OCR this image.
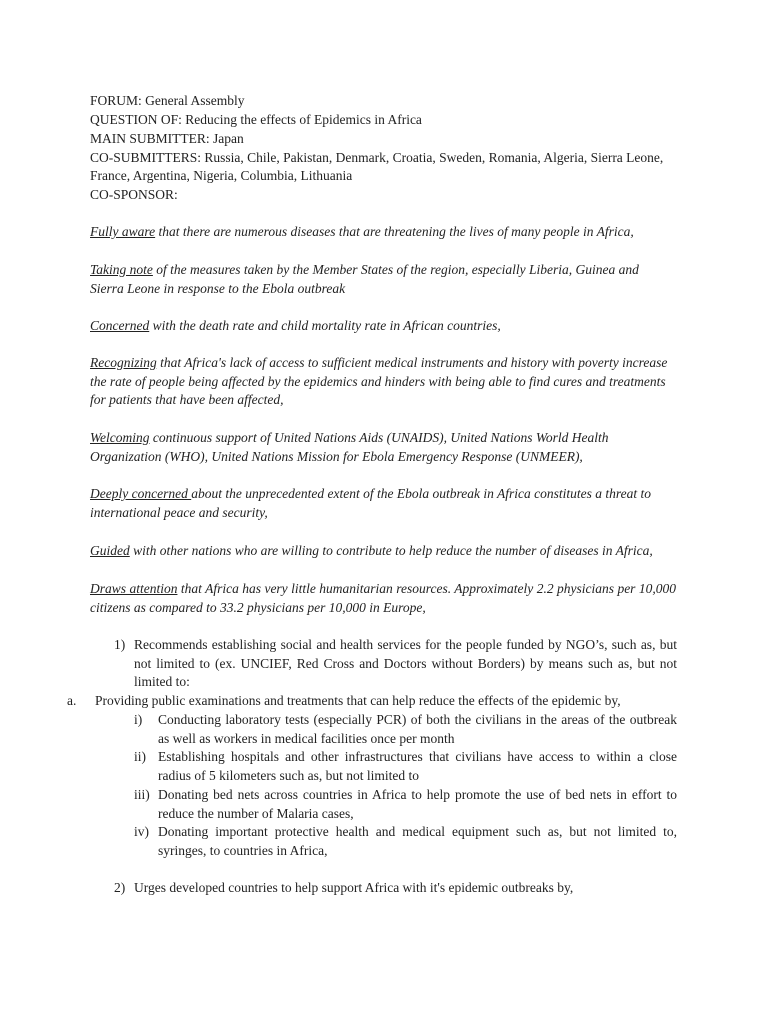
FORUM: General Assembly
QUESTION OF: Reducing the effects of Epidemics in Africa
MAIN SUBMITTER: Japan
CO-SUBMITTERS: Russia, Chile, Pakistan, Denmark, Croatia, Sweden, Romania, Algeria, Sierra Leone,
France, Argentina, Nigeria, Columbia, Lithuania
CO-SPONSOR:
Fully aware that there are numerous diseases that are threatening the lives of many people in Africa,
Taking note of the measures taken by the Member States of the region, especially Liberia, Guinea and Sierra Leone in response to the Ebola outbreak
Concerned with the death rate and child mortality rate in African countries,
Recognizing that Africa's lack of access to sufficient medical instruments and history with poverty increase the rate of people being affected by the epidemics and hinders with being able to find cures and treatments for patients that have been affected,
Welcoming continuous support of United Nations Aids (UNAIDS), United Nations World Health Organization (WHO), United Nations Mission for Ebola Emergency Response (UNMEER),
Deeply concerned about the unprecedented extent of the Ebola outbreak in Africa constitutes a threat to international peace and security,
Guided with other nations who are willing to contribute to help reduce the number of diseases in Africa,
Draws attention that Africa has very little humanitarian resources. Approximately 2.2 physicians per 10,000 citizens as compared to 33.2 physicians per 10,000 in Europe,
1) Recommends establishing social and health services for the people funded by NGO’s, such as, but not limited to (ex. UNCIEF, Red Cross and Doctors without Borders) by means such as, but not limited to:
a. Providing public examinations and treatments that can help reduce the effects of the epidemic by,
i) Conducting laboratory tests (especially PCR) of both the civilians in the areas of the outbreak as well as workers in medical facilities once per month
ii) Establishing hospitals and other infrastructures that civilians have access to within a close radius of 5 kilometers such as, but not limited to
iii) Donating bed nets across countries in Africa to help promote the use of bed nets in effort to reduce the number of Malaria cases,
iv) Donating important protective health and medical equipment such as, but not limited to, syringes, to countries in Africa,
2) Urges developed countries to help support Africa with it's epidemic outbreaks by,
